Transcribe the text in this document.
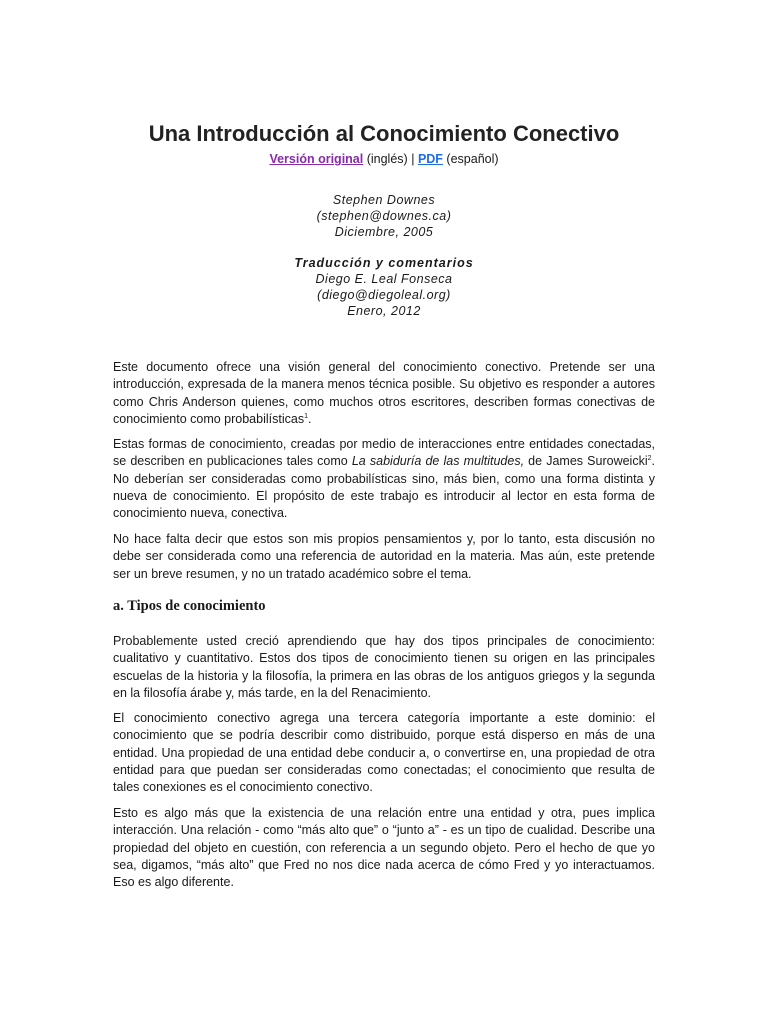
Una Introducción al Conocimiento Conectivo
Versión original (inglés) | PDF (español)
Stephen Downes
(stephen@downes.ca)
Diciembre, 2005
Traducción y comentarios
Diego E. Leal Fonseca
(diego@diegoleal.org)
Enero, 2012

Este documento ofrece una visión general del conocimiento conectivo. Pretende ser una introducción, expresada de la manera menos técnica posible. Su objetivo es responder a autores como Chris Anderson quienes, como muchos otros escritores, describen formas conectivas de conocimiento como probabilísticas$^1$.

Estas formas de conocimiento, creadas por medio de interacciones entre entidades conectadas, se describen en publicaciones tales como La sabiduría de las multitudes, de James Suroweicki$^2$. No deberían ser consideradas como probabilísticas sino, más bien, como una forma distinta y nueva de conocimiento. El propósito de este trabajo es introducir al lector en esta forma de conocimiento nueva, conectiva.

No hace falta decir que estos son mis propios pensamientos y, por lo tanto, esta discusión no debe ser considerada como una referencia de autoridad en la materia. Mas aún, este pretende ser un breve resumen, y no un tratado académico sobre el tema.

a. Tipos de conocimiento

Probablemente usted creció aprendiendo que hay dos tipos principales de conocimiento: cualitativo y cuantitativo. Estos dos tipos de conocimiento tienen su origen en las principales escuelas de la historia y la filosofía, la primera en las obras de los antiguos griegos y la segunda en la filosofía árabe y, más tarde, en la del Renacimiento.

El conocimiento conectivo agrega una tercera categoría importante a este dominio: el conocimiento que se podría describir como distribuido, porque está disperso en más de una entidad. Una propiedad de una entidad debe conducir a, o convertirse en, una propiedad de otra entidad para que puedan ser consideradas como conectadas; el conocimiento que resulta de tales conexiones es el conocimiento conectivo.

Esto es algo más que la existencia de una relación entre una entidad y otra, pues implica interacción. Una relación - como “más alto que” o “junto a” - es un tipo de cualidad. Describe una propiedad del objeto en cuestión, con referencia a un segundo objeto. Pero el hecho de que yo sea, digamos, “más alto” que Fred no nos dice nada acerca de cómo Fred y yo interactuamos. Eso es algo diferente.
